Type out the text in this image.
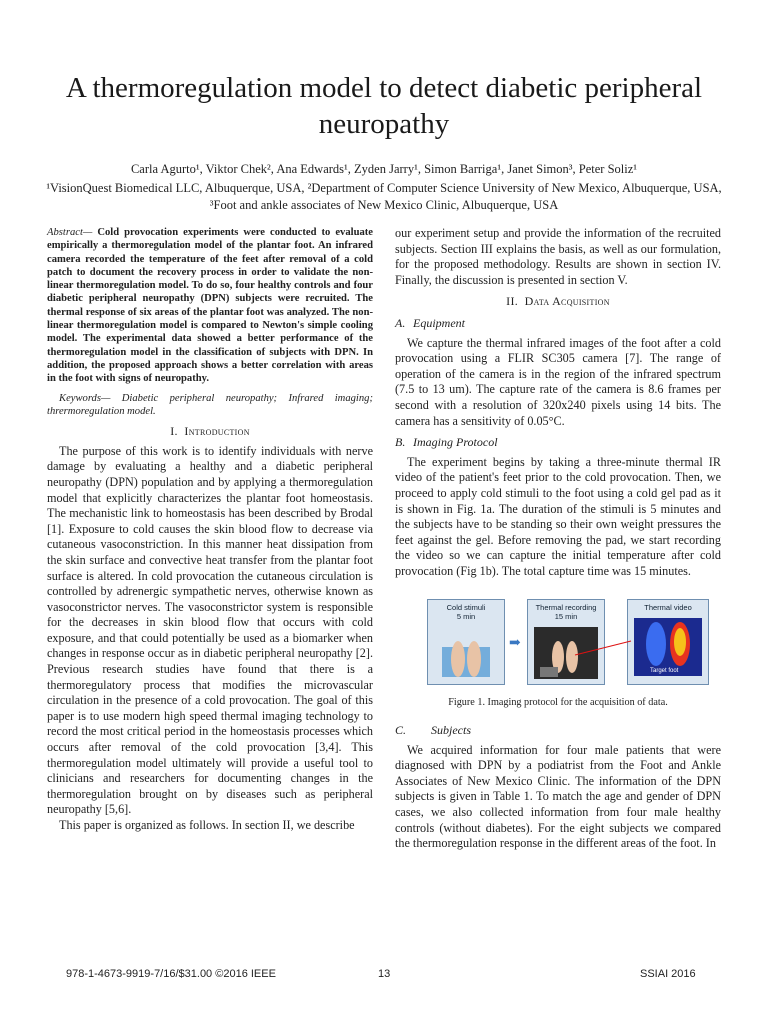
A thermoregulation model to detect diabetic peripheral neuropathy
Carla Agurto¹, Viktor Chek², Ana Edwards¹, Zyden Jarry¹, Simon Barriga¹, Janet Simon³, Peter Soliz¹
¹VisionQuest Biomedical LLC, Albuquerque, USA, ²Department of Computer Science University of New Mexico, Albuquerque, USA, ³Foot and ankle associates of New Mexico Clinic, Albuquerque, USA

Abstract— Cold provocation experiments were conducted to evaluate empirically a thermoregulation model of the plantar foot. An infrared camera recorded the temperature of the feet after removal of a cold patch to document the recovery process in order to validate the non-linear thermoregulation model. To do so, four healthy controls and four diabetic peripheral neuropathy (DPN) subjects were recruited. The thermal response of six areas of the plantar foot was analyzed. The non-linear thermoregulation model is compared to Newton's simple cooling model. The experimental data showed a better performance of the thermoregulation model in the classification of subjects with DPN. In addition, the proposed approach shows a better correlation with areas in the foot with signs of neuropathy.

Keywords— Diabetic peripheral neuropathy; Infrared imaging; thrermoregulation model.

I. Introduction

The purpose of this work is to identify individuals with nerve damage by evaluating a healthy and a diabetic peripheral neuropathy (DPN) population and by applying a thermoregulation model that explicitly characterizes the plantar foot homeostasis. The mechanistic link to homeostasis has been described by Brodal [1]. Exposure to cold causes the skin blood flow to decrease via cutaneous vasoconstriction. In this manner heat dissipation from the skin surface and convective heat transfer from the plantar foot surface is altered. In cold provocation the cutaneous circulation is controlled by adrenergic sympathetic nerves, otherwise known as vasoconstrictor nerves. The vasoconstrictor system is responsible for the decreases in skin blood flow that occurs with cold exposure, and that could potentially be used as a biomarker when changes in response occur as in diabetic peripheral neuropathy [2]. Previous research studies have found that there is a thermoregulatory process that modifies the microvascular circulation in the presence of a cold provocation. The goal of this paper is to use modern high speed thermal imaging technology to record the most critical period in the homeostasis processes which occurs after removal of the cold provocation [3,4]. This thermoregulation model ultimately will provide a useful tool to clinicians and researchers for documenting changes in the thermoregulation brought on by diseases such as peripheral neuropathy [5,6].

This paper is organized as follows. In section II, we describe

our experiment setup and provide the information of the recruited subjects. Section III explains the basis, as well as our formulation, for the proposed methodology. Results are shown in section IV. Finally, the discussion is presented in section V.

II. Data Acquisition
A. Equipment

We capture the thermal infrared images of the foot after a cold provocation using a FLIR SC305 camera [7]. The range of operation of the camera is in the region of the infrared spectrum (7.5 to 13 um). The capture rate of the camera is 8.6 frames per second with a resolution of 320x240 pixels using 14 bits. The camera has a sensitivity of 0.05°C.

B. Imaging Protocol

The experiment begins by taking a three-minute thermal IR video of the patient's feet prior to the cold provocation. Then, we proceed to apply cold stimuli to the foot using a cold gel pad as it is shown in Fig. 1a. The duration of the stimuli is 5 minutes and the subjects have to be standing so their own weight pressures the feet against the gel. Before removing the pad, we start recording the video so we can capture the initial temperature after cold provocation (Fig 1b). The total capture time was 15 minutes.

Cold stimuli
5 min
➡
Thermal recording
15 min
Thermal video
Target foot
Figure 1. Imaging protocol for the acquisition of data.
C. Subjects

We acquired information for four male patients that were diagnosed with DPN by a podiatrist from the Foot and Ankle Associates of New Mexico Clinic. The information of the DPN subjects is given in Table 1. To match the age and gender of DPN cases, we also collected information from four male healthy controls (without diabetes). For the eight subjects we compared the thermoregulation response in the different areas of the foot. In

978-1-4673-9919-7/16/$31.00 ©2016 IEEE	13	SSIAI 2016
